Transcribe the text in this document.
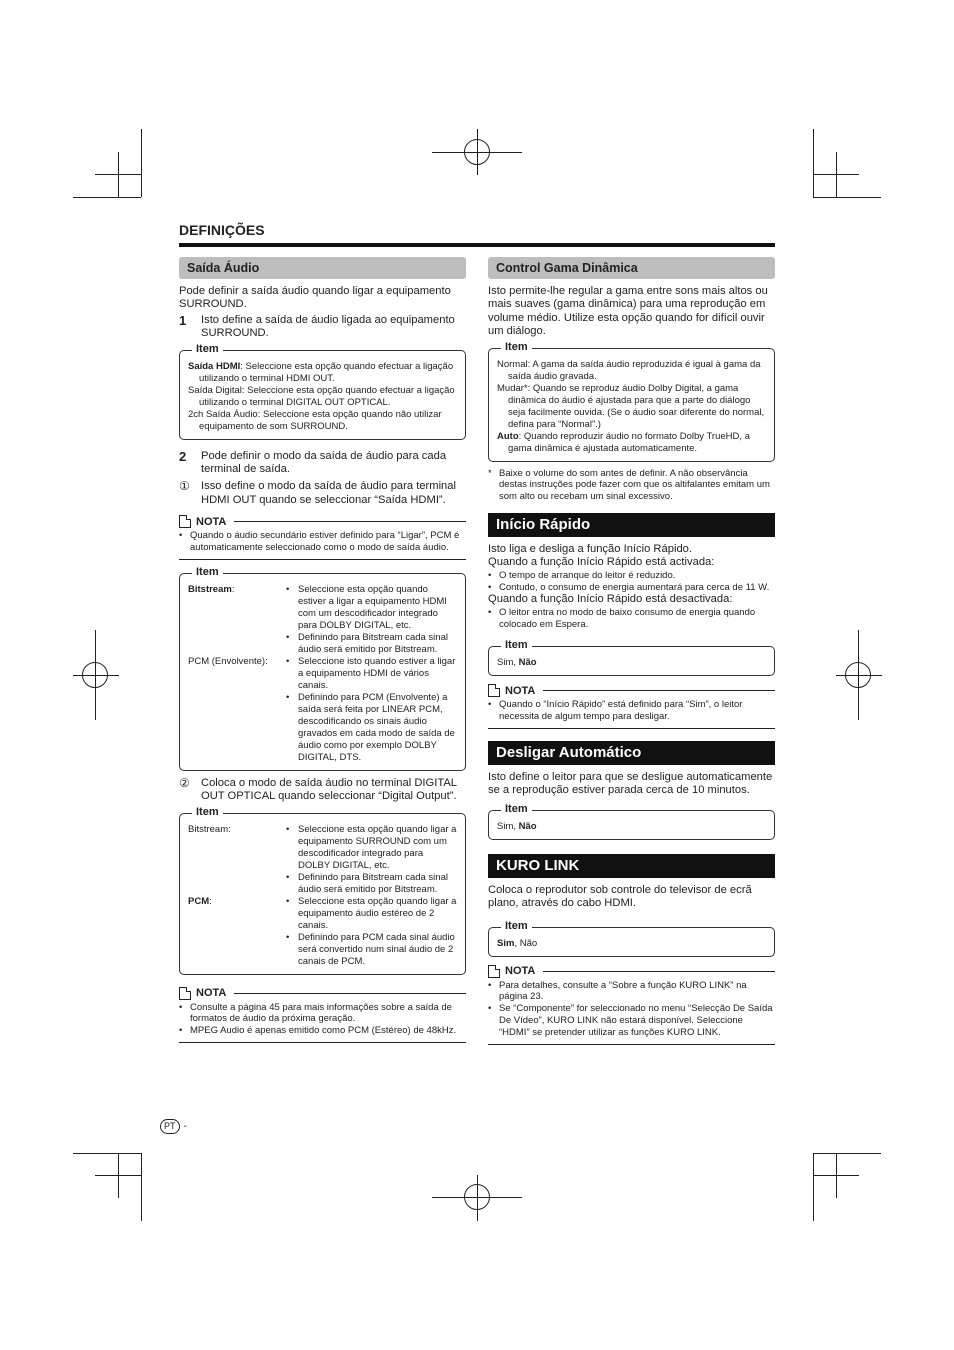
DEFINIÇÕES
Saída Áudio

Pode definir a saída áudio quando ligar a equipamento SURROUND.

1	Isto define a saída de áudio ligada ao equipamento SURROUND.
Item

Saída HDMI: Seleccione esta opção quando efectuar a ligação utilizando o terminal HDMI OUT.

Saída Digital: Seleccione esta opção quando efectuar a ligação utilizando o terminal DIGITAL OUT OPTICAL.

2ch Saída Áudio: Seleccione esta opção quando não utilizar equipamento de som SURROUND.

2	Pode definir o modo da saída de áudio para cada terminal de saída.
①	Isso define o modo da saída de áudio para terminal HDMI OUT quando se seleccionar “Saída HDMI”.
NOTA
• Quando o áudio secundário estiver definido para “Ligar”, PCM é automaticamente seleccionado como o modo de saída áudio.
Item
Bitstream:	• Seleccione esta opção quando estiver a ligar a equipamento HDMI com um descodificador integrado para DOLBY DIGITAL, etc.
• Definindo para Bitstream cada sinal áudio será emitido por Bitstream.
PCM (Envolvente):	• Seleccione isto quando estiver a ligar a equipamento HDMI de vários canais.
• Definindo para PCM (Envolvente) a saída será feita por LINEAR PCM, descodificando os sinais áudio gravados em cada modo de saída de áudio como por exemplo DOLBY DIGITAL, DTS.
②	Coloca o modo de saída áudio no terminal DIGITAL OUT OPTICAL quando seleccionar “Digital Output”.
Item
Bitstream:	• Seleccione esta opção quando ligar a equipamento SURROUND com um descodificador integrado para DOLBY DIGITAL, etc.
• Definindo para Bitstream cada sinal áudio será emitido por Bitstream.
PCM:	• Seleccione esta opção quando ligar a equipamento áudio estéreo de 2 canais.
• Definindo para PCM cada sinal áudio será convertido num sinal áudio de 2 canais de PCM.
NOTA
• Consulte a página 45 para mais informações sobre a saída de formatos de áudio da próxima geração.
• MPEG Audio é apenas emitido como PCM (Estéreo) de 48kHz.
Control Gama Dinâmica

Isto permite-lhe regular a gama entre sons mais altos ou mais suaves (gama dinâmica) para uma reprodução em volume médio. Utilize esta opção quando for difícil ouvir um diálogo.

Item

Normal: A gama da saída áudio reproduzida é igual à gama da saída áudio gravada.

Mudar*: Quando se reproduz áudio Dolby Digital, a gama dinâmica do áudio é ajustada para que a parte do diálogo seja facilmente ouvida. (Se o áudio soar diferente do normal, defina para “Normal”.)

Auto: Quando reproduzir áudio no formato Dolby TrueHD, a gama dinâmica é ajustada automaticamente.

* Baixe o volume do som antes de definir. A não observância destas instruções pode fazer com que os altifalantes emitam um som alto ou recebam um sinal excessivo.
Início Rápido

Isto liga e desliga a função Início Rápido.

Quando a função Início Rápido está activada:

• O tempo de arranque do leitor é reduzido.
• Contudo, o consumo de energia aumentará para cerca de 11 W.

Quando a função Início Rápido está desactivada:

• O leitor entra no modo de baixo consumo de energia quando colocado em Espera.
Item

Sim, Não

NOTA
• Quando o “Início Rápido” está definido para “Sim”, o leitor necessita de algum tempo para desligar.
Desligar Automático

Isto define o leitor para que se desligue automaticamente se a reprodução estiver parada cerca de 10 minutos.

Item

Sim, Não

KURO LINK

Coloca o reprodutor sob controle do televisor de ecrã plano, através do cabo HDMI.

Item

Sim, Não

NOTA
• Para detalhes, consulte a “Sobre a função KURO LINK” na página 23.
• Se “Componente” for seleccionado no menu “Selecção De Saída De Vídeo”, KURO LINK não estará disponível. Seleccione “HDMI” se pretender utilizar as funções KURO LINK.
PT -
